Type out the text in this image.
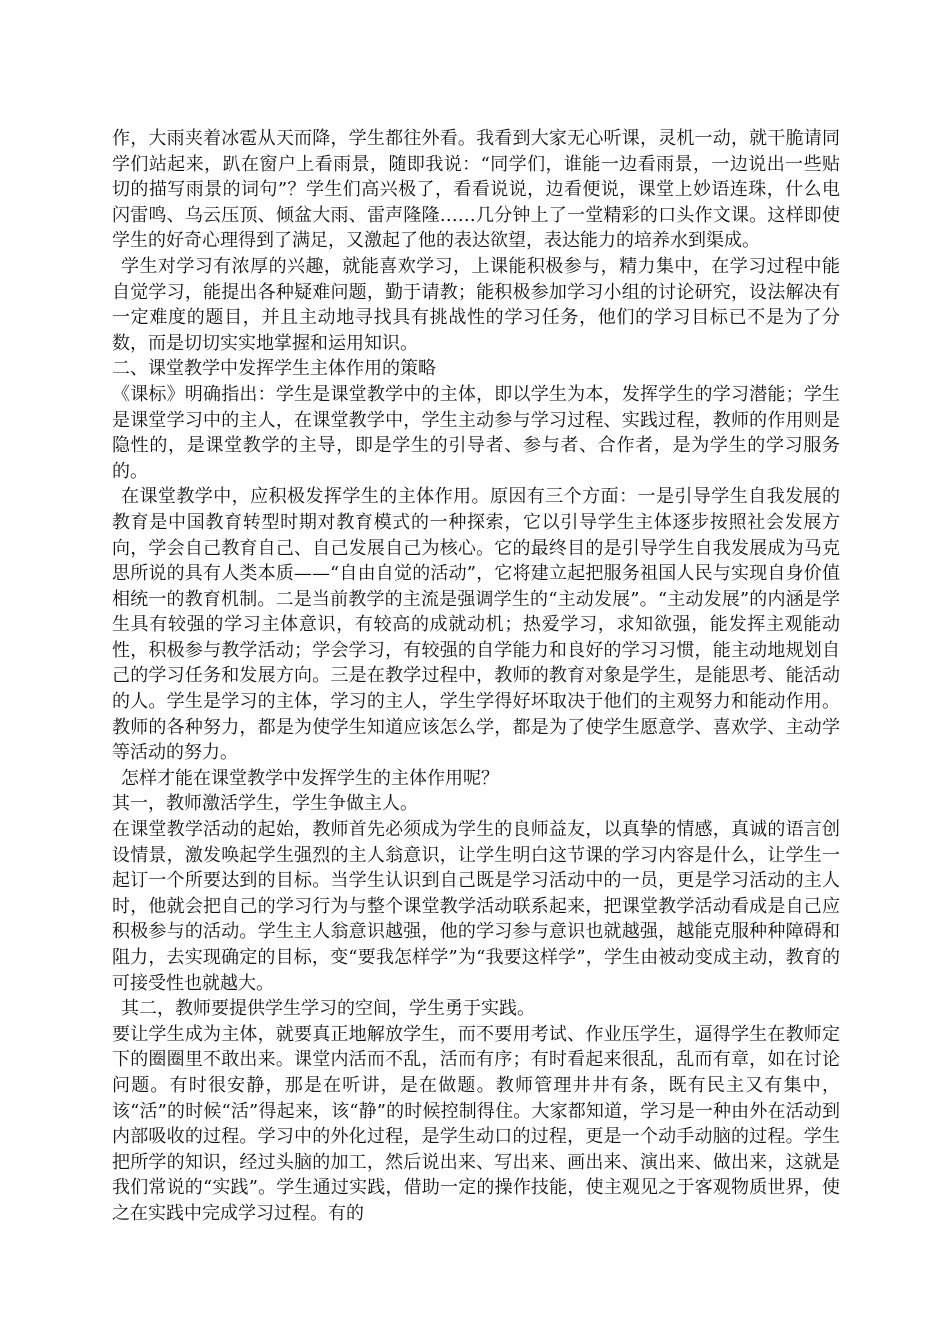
作，大雨夹着冰雹从天而降，学生都往外看。我看到大家无心听课，灵机一动，就干脆请同学们站起来，趴在窗户上看雨景，随即我说：“同学们，谁能一边看雨景，一边说出一些贴切的描写雨景的词句”？学生们高兴极了，看看说说，边看便说，课堂上妙语连珠，什么电闪雷鸣、乌云压顶、倾盆大雨、雷声隆隆……几分钟上了一堂精彩的口头作文课。这样即使学生的好奇心理得到了满足，又激起了他的表达欲望，表达能力的培养水到渠成。

学生对学习有浓厚的兴趣，就能喜欢学习，上课能积极参与，精力集中，在学习过程中能自觉学习，能提出各种疑难问题，勤于请教；能积极参加学习小组的讨论研究，设法解决有一定难度的题目，并且主动地寻找具有挑战性的学习任务，他们的学习目标已不是为了分数，而是切切实实地掌握和运用知识。

二、课堂教学中发挥学生主体作用的策略

《课标》明确指出：学生是课堂教学中的主体，即以学生为本，发挥学生的学习潜能；学生是课堂学习中的主人，在课堂教学中，学生主动参与学习过程、实践过程，教师的作用则是隐性的，是课堂教学的主导，即是学生的引导者、参与者、合作者，是为学生的学习服务的。

在课堂教学中，应积极发挥学生的主体作用。原因有三个方面：一是引导学生自我发展的教育是中国教育转型时期对教育模式的一种探索，它以引导学生主体逐步按照社会发展方向，学会自己教育自己、自己发展自己为核心。它的最终目的是引导学生自我发展成为马克思所说的具有人类本质——“自由自觉的活动”，它将建立起把服务祖国人民与实现自身价值相统一的教育机制。二是当前教学的主流是强调学生的“主动发展”。“主动发展”的内涵是学生具有较强的学习主体意识，有较高的成就动机；热爱学习，求知欲强，能发挥主观能动性，积极参与教学活动；学会学习，有较强的自学能力和良好的学习习惯，能主动地规划自己的学习任务和发展方向。三是在教学过程中，教师的教育对象是学生，是能思考、能活动的人。学生是学习的主体，学习的主人，学生学得好坏取决于他们的主观努力和能动作用。教师的各种努力，都是为使学生知道应该怎么学，都是为了使学生愿意学、喜欢学、主动学等活动的努力。

怎样才能在课堂教学中发挥学生的主体作用呢？

其一，教师激活学生，学生争做主人。

在课堂教学活动的起始，教师首先必须成为学生的良师益友，以真挚的情感，真诚的语言创设情景，激发唤起学生强烈的主人翁意识，让学生明白这节课的学习内容是什么，让学生一起订一个所要达到的目标。当学生认识到自己既是学习活动中的一员，更是学习活动的主人时，他就会把自己的学习行为与整个课堂教学活动联系起来，把课堂教学活动看成是自己应积极参与的活动。学生主人翁意识越强，他的学习参与意识也就越强，越能克服种种障碍和阻力，去实现确定的目标，变“要我怎样学”为“我要这样学”，学生由被动变成主动，教育的可接受性也就越大。

其二，教师要提供学生学习的空间，学生勇于实践。

要让学生成为主体，就要真正地解放学生，而不要用考试、作业压学生，逼得学生在教师定下的圈圈里不敢出来。课堂内活而不乱，活而有序；有时看起来很乱，乱而有章，如在讨论问题。有时很安静，那是在听讲，是在做题。教师管理井井有条，既有民主又有集中，该“活”的时候“活”得起来，该“静”的时候控制得住。大家都知道，学习是一种由外在活动到内部吸收的过程。学习中的外化过程，是学生动口的过程，更是一个动手动脑的过程。学生把所学的知识，经过头脑的加工，然后说出来、写出来、画出来、演出来、做出来，这就是我们常说的“实践”。学生通过实践，借助一定的操作技能，使主观见之于客观物质世界，使之在实践中完成学习过程。有的
